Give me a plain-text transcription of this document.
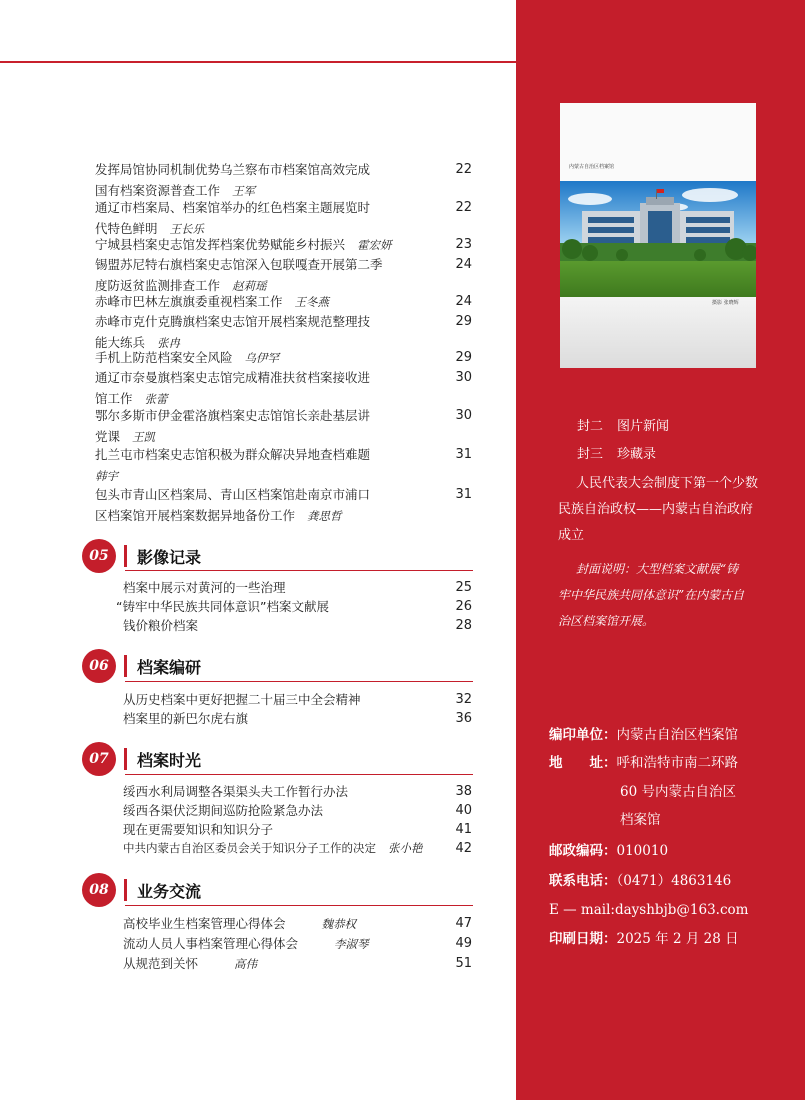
发挥局馆协同机制优势乌兰察布市档案馆高效完成
国有档案资源普查工作 王军
22
通辽市档案局、档案馆举办的红色档案主题展览时
代特色鲜明 王长乐
22
宁城县档案史志馆发挥档案优势赋能乡村振兴 霍宏妍	23
锡盟苏尼特右旗档案史志馆深入包联嘎查开展第二季
度防返贫监测排查工作 赵莉瑶
24
赤峰市巴林左旗旗委重视档案工作 王冬燕	24
赤峰市克什克腾旗档案史志馆开展档案规范整理技
能大练兵 张冉
29
手机上防范档案安全风险 乌伊罕	29
通辽市奈曼旗档案史志馆完成精准扶贫档案接收进
馆工作 张蕾
30
鄂尔多斯市伊金霍洛旗档案史志馆馆长亲赴基层讲
党课 王凯
30
扎兰屯市档案史志馆积极为群众解决异地查档难题
韩宇
31
包头市青山区档案局、青山区档案馆赴南京市浦口
区档案馆开展档案数据异地备份工作 龚思哲
31
05	影像记录
档案中展示对黄河的一些治理	25
“铸牢中华民族共同体意识”档案文献展	26
钱价粮价档案	28
06	档案编研
从历史档案中更好把握二十届三中全会精神	32
档案里的新巴尔虎右旗	36
07	档案时光
绥西水利局调整各渠渠头夫工作暂行办法	38
绥西各渠伏泛期间巡防抢险紧急办法	40
现在更需要知识和知识分子	41
中共内蒙古自治区委员会关于知识分子工作的决定 张小艳	42
08	业务交流
高校毕业生档案管理心得体会	魏恭权	47
流动人员人事档案管理心得体会	李淑琴	49
从规范到关怀	高伟	51
内蒙古自治区档案馆
摄影 张晓辉
封二 图片新闻
封三 珍藏录
人民代表大会制度下第一个少数
民族自治政权——内蒙古自治政府
成立
封面说明：大型档案文献展“铸
牢中华民族共同体意识”在内蒙古自
治区档案馆开展。
编印单位：内蒙古自治区档案馆
地　　址：呼和浩特市南二环路
60 号内蒙古自治区
档案馆
邮政编码：010010
联系电话：（0471）4863146
E — mail:dayshbjb@163.com
印刷日期：2025 年 2 月 28 日
